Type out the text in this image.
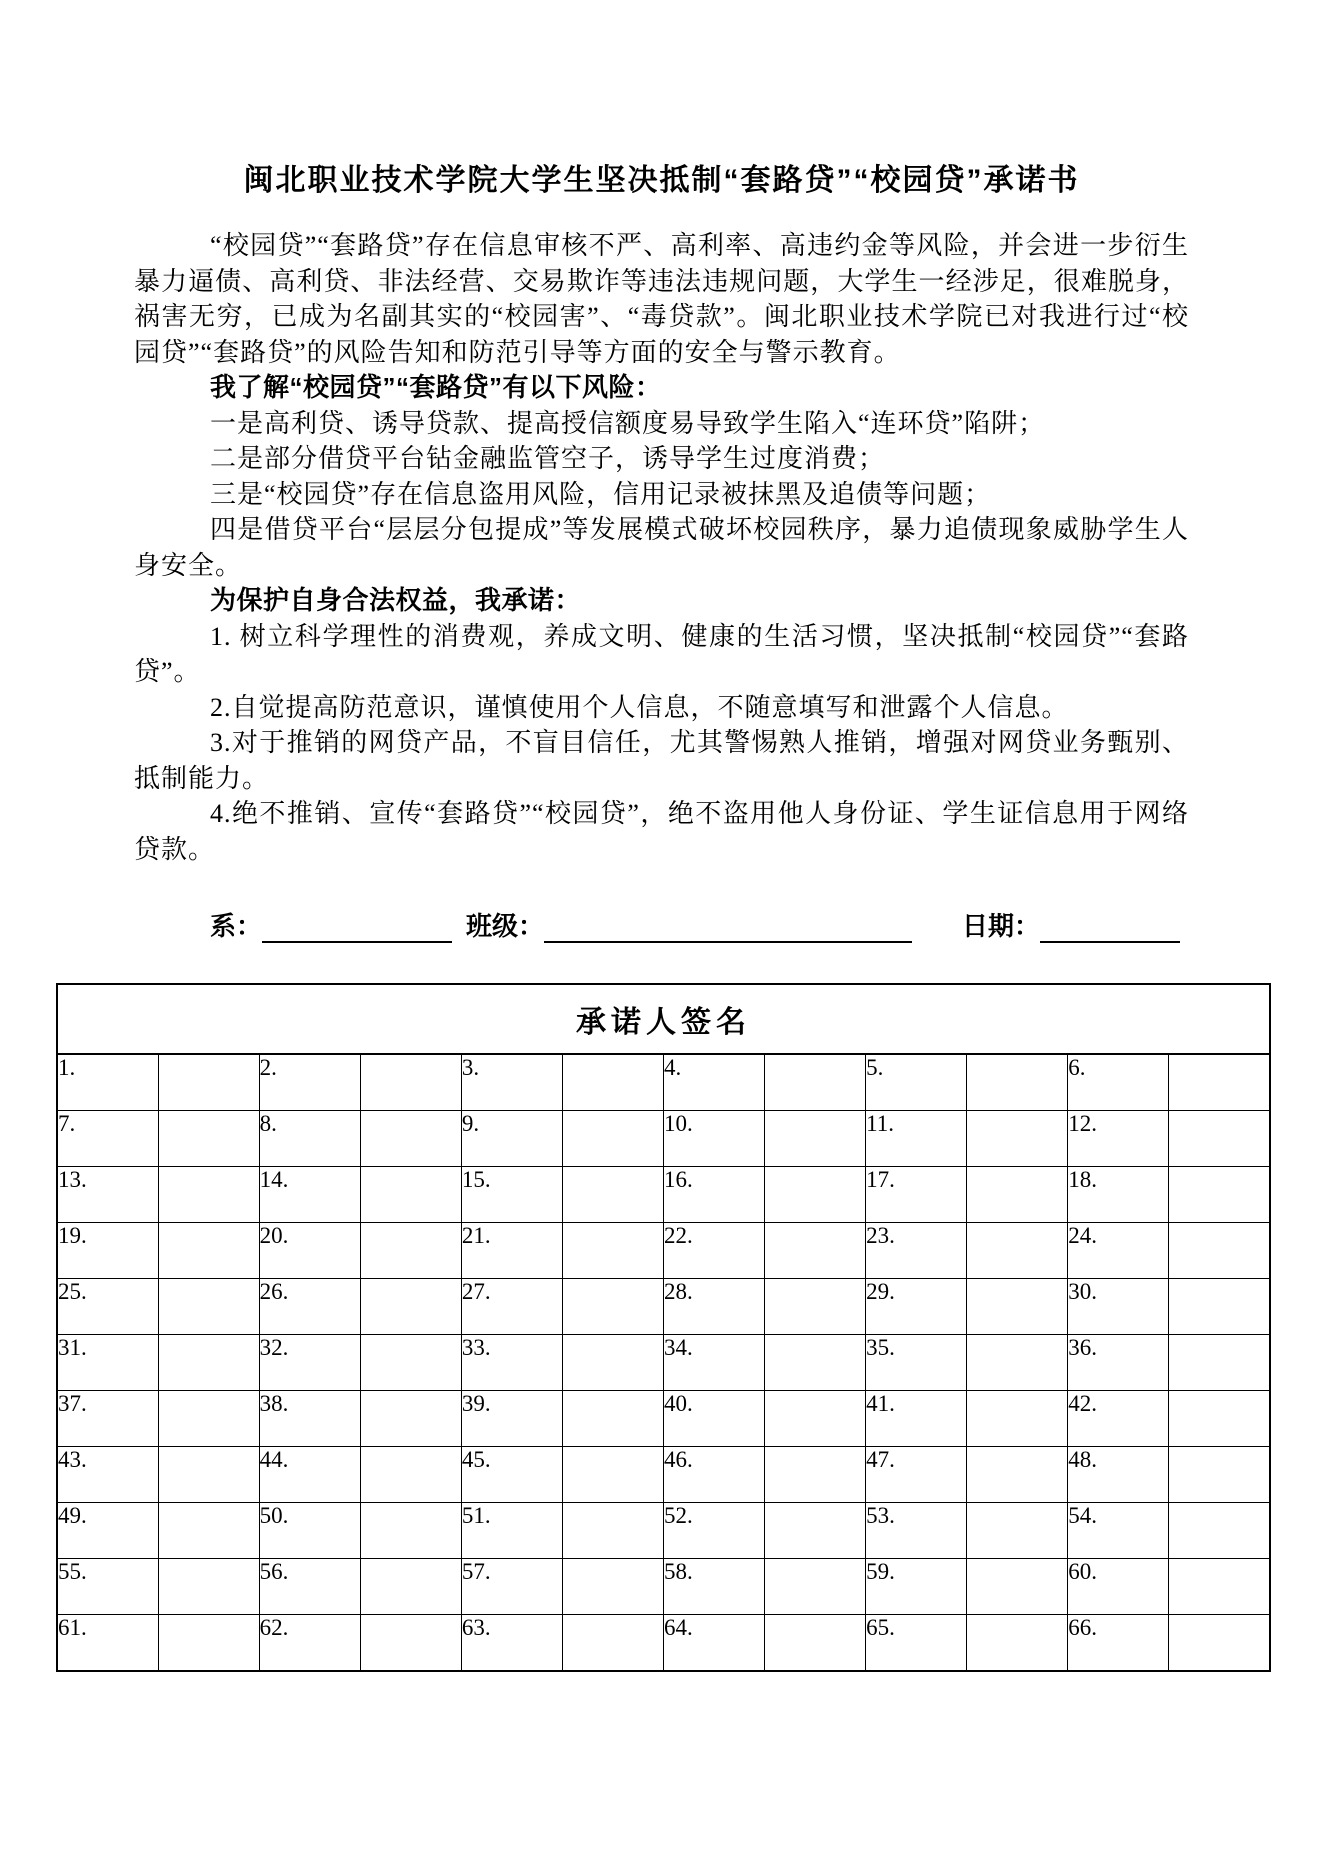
闽北职业技术学院大学生坚决抵制“套路贷”“校园贷”承诺书

“校园贷”“套路贷”存在信息审核不严、高利率、高违约金等风险，并会进一步衍生暴力逼债、高利贷、非法经营、交易欺诈等违法违规问题，大学生一经涉足，很难脱身，祸害无穷，已成为名副其实的“校园害”、“毒贷款”。闽北职业技术学院已对我进行过“校园贷”“套路贷”的风险告知和防范引导等方面的安全与警示教育。

我了解“校园贷”“套路贷”有以下风险：

一是高利贷、诱导贷款、提高授信额度易导致学生陷入“连环贷”陷阱；

二是部分借贷平台钻金融监管空子，诱导学生过度消费；

三是“校园贷”存在信息盗用风险，信用记录被抹黑及追债等问题；

四是借贷平台“层层分包提成”等发展模式破坏校园秩序，暴力追债现象威胁学生人身安全。

为保护自身合法权益，我承诺：

1. 树立科学理性的消费观，养成文明、健康的生活习惯，坚决抵制“校园贷”“套路贷”。

2.自觉提高防范意识，谨慎使用个人信息，不随意填写和泄露个人信息。

3.对于推销的网贷产品，不盲目信任，尤其警惕熟人推销，增强对网贷业务甄别、抵制能力。

4.绝不推销、宣传“套路贷”“校园贷”，绝不盗用他人身份证、学生证信息用于网络贷款。

系：	班级：	日期：
承诺人签名											
1.		2.		3.		4.		5.		6.	
7.		8.		9.		10.		11.		12.	
13.		14.		15.		16.		17.		18.	
19.		20.		21.		22.		23.		24.	
25.		26.		27.		28.		29.		30.	
31.		32.		33.		34.		35.		36.	
37.		38.		39.		40.		41.		42.	
43.		44.		45.		46.		47.		48.	
49.		50.		51.		52.		53.		54.	
55.		56.		57.		58.		59.		60.	
61.		62.		63.		64.		65.		66.	
